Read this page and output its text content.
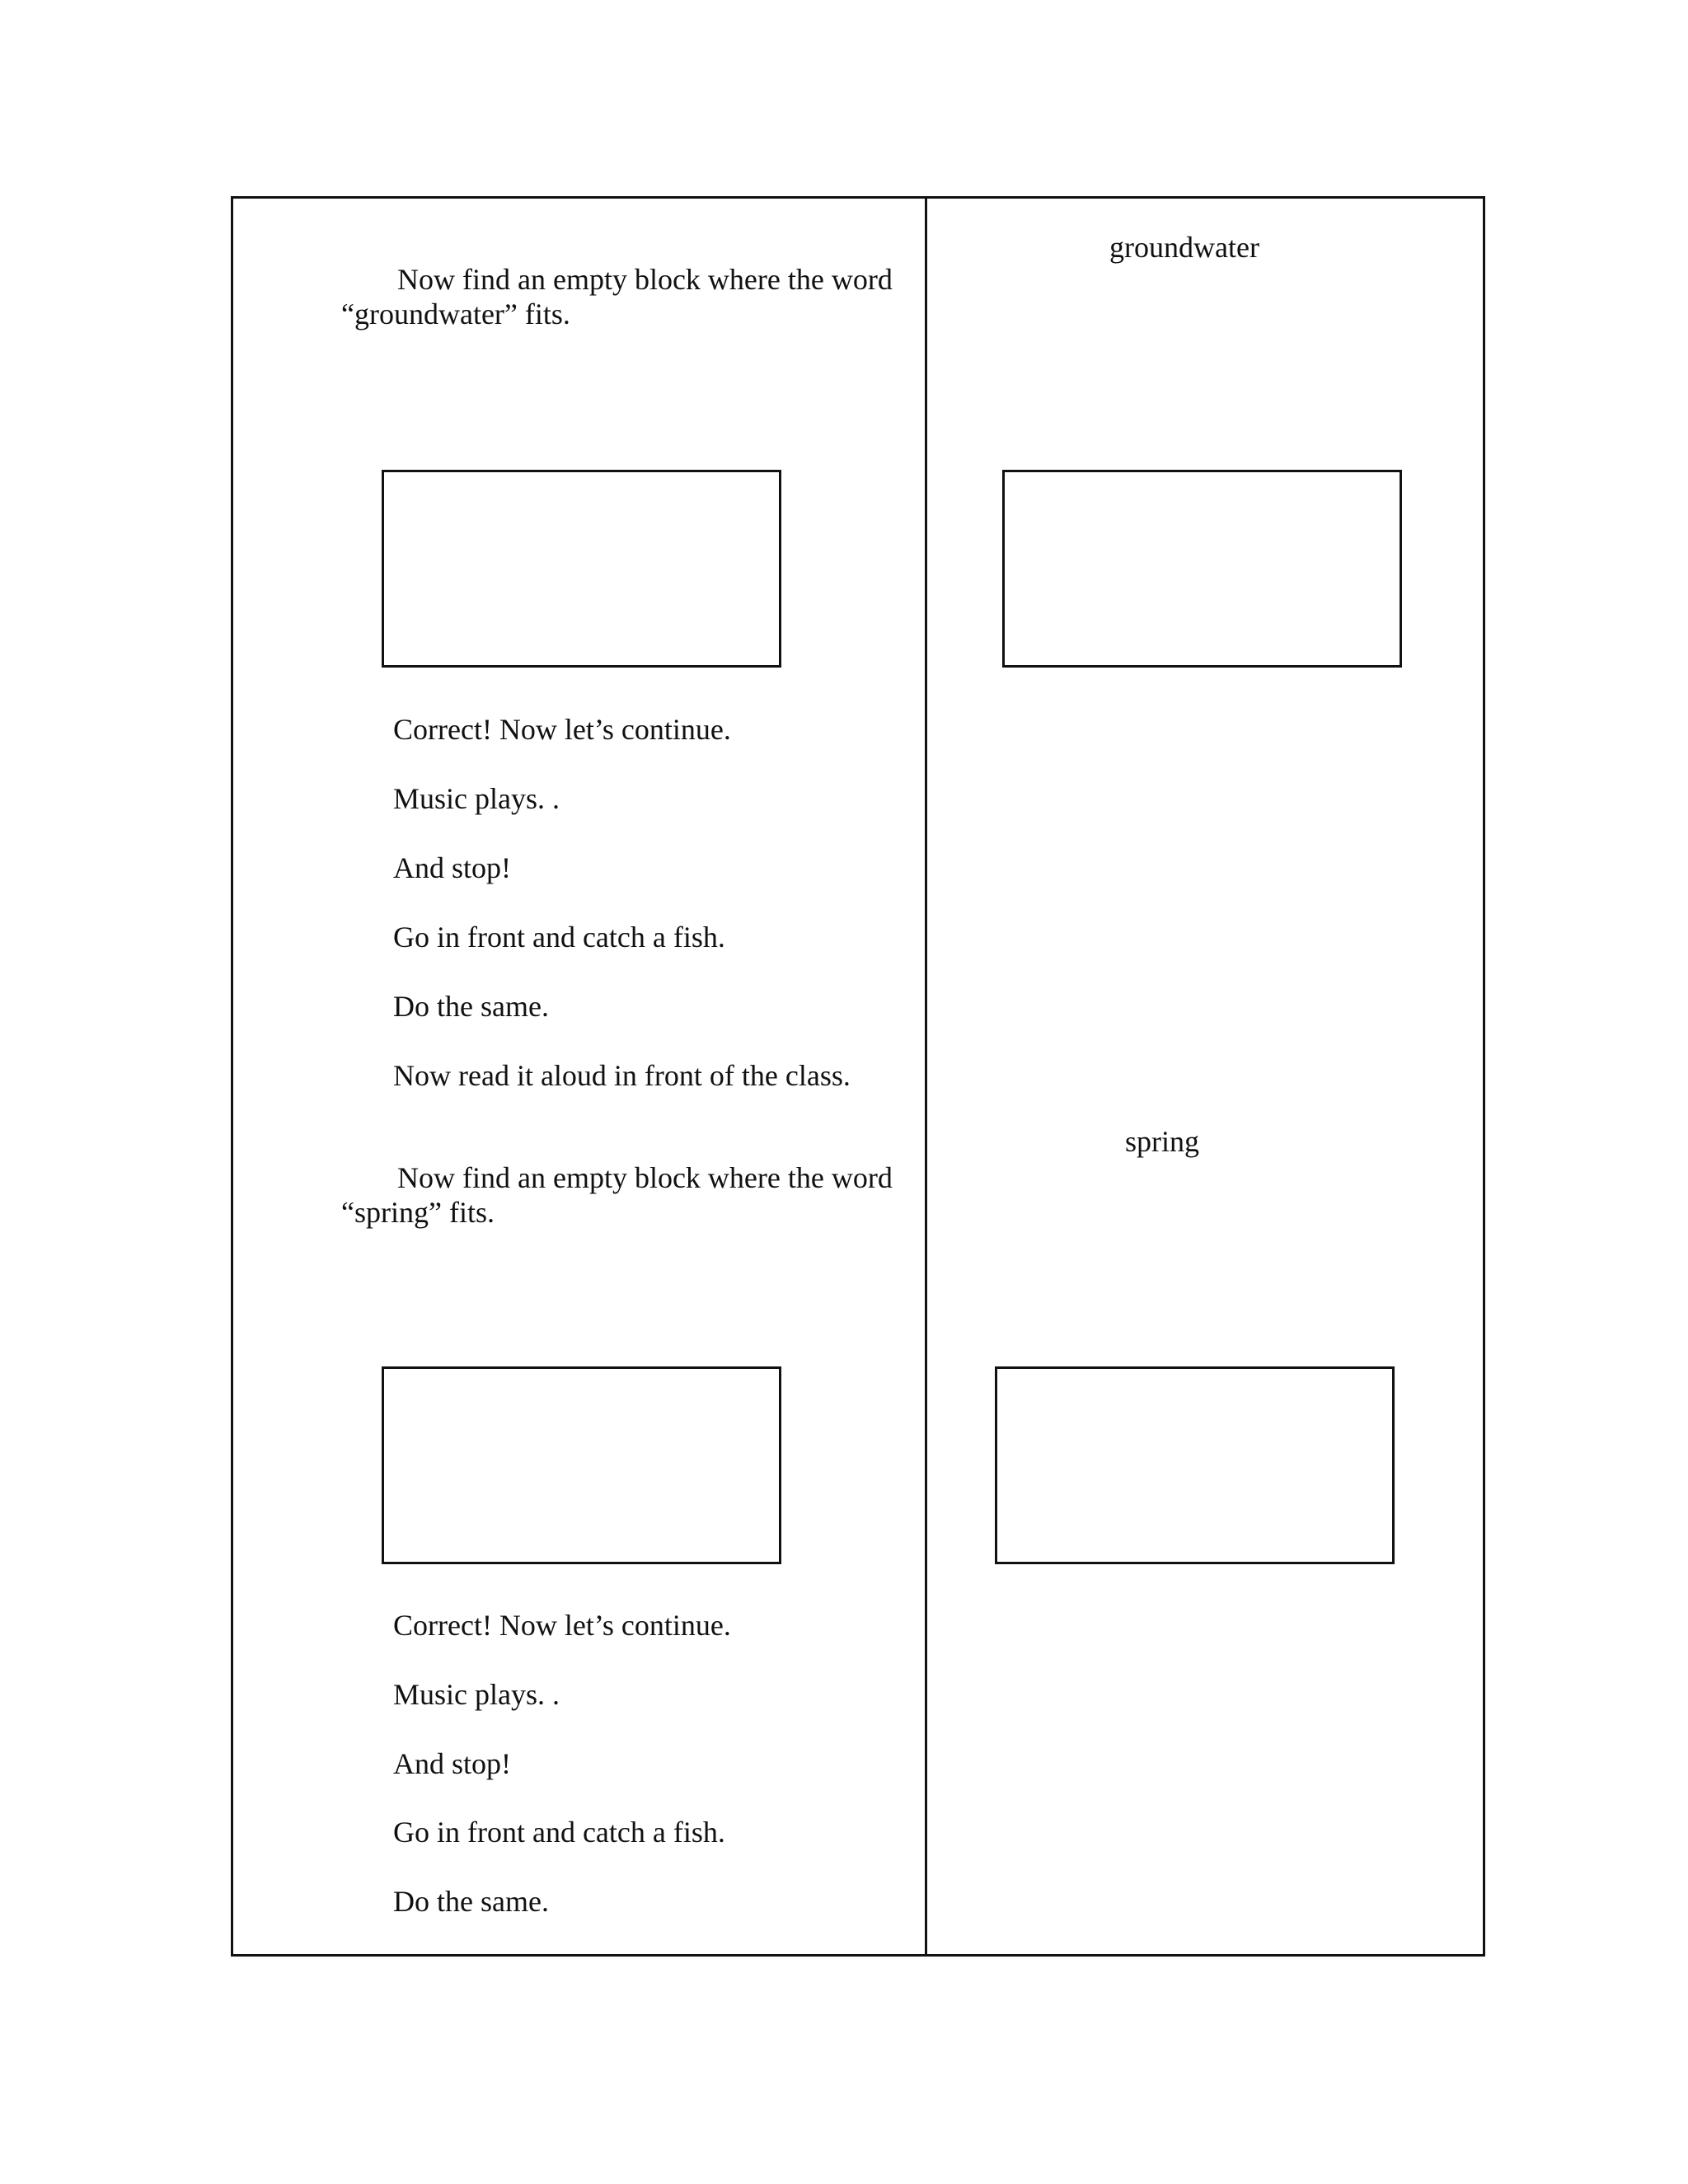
Now find an empty block where the word
“groundwater” fits.
Correct! Now let’s continue.
Music plays. .
And stop!
Go in front and catch a fish.
Do the same.
Now read it aloud in front of the class.
Now find an empty block where the word
“spring” fits.
Correct! Now let’s continue.
Music plays. .
And stop!
Go in front and catch a fish.
Do the same.
groundwater
spring
